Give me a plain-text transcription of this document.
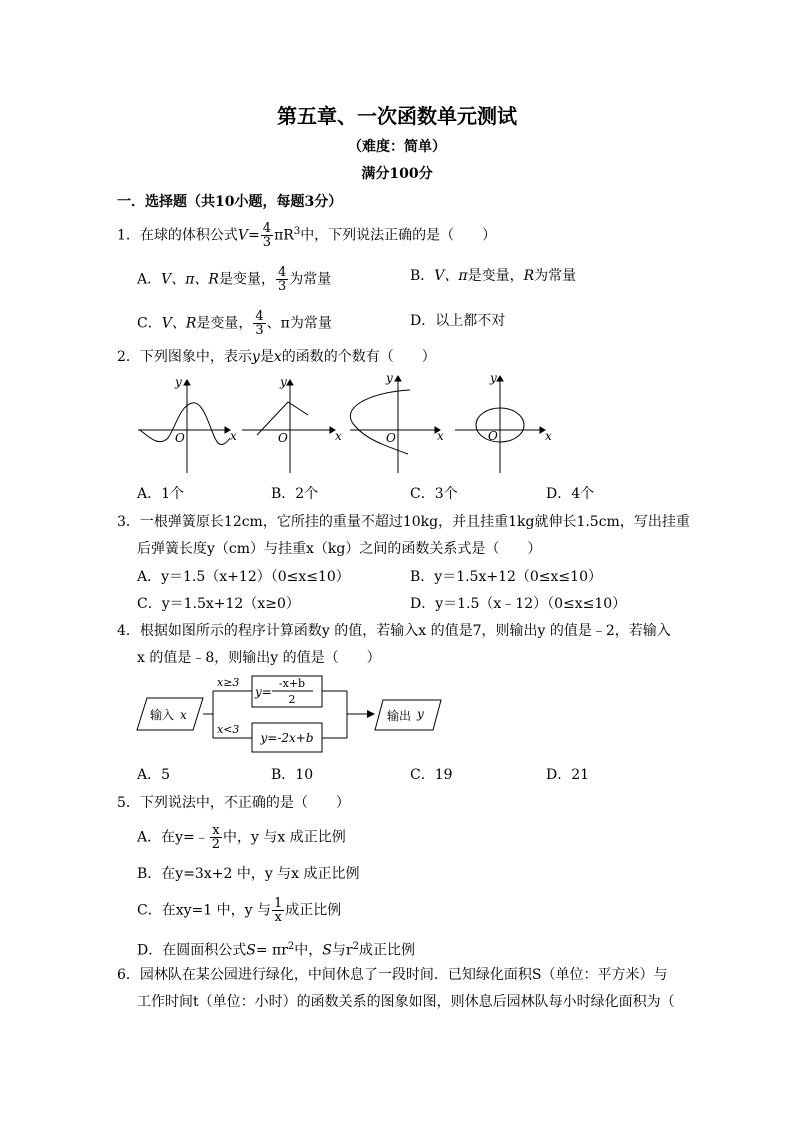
第五章、一次函数单元测试
（难度：简单）
满分100分
一．选择题（共10小题，每题3分）
1．在球的体积公式$V= \frac{4}{3} \pi R^3$中，下列说法正确的是（　　）
A．V、π、R是变量， $\frac{4}{3}$ 为常量	B．V、π是变量，R为常量
C．V、R是变量， $\frac{4}{3}$ 、π为常量	D．以上都不对
2．下列图象中，表示y是x的函数的个数有（　　）
y
x
O
y
x
O
y
x
O
y
x
O
A．1个	B．2个	C．3个	D．4个
3．一根弹簧原长12cm，它所挂的重量不超过10kg，并且挂重1kg就伸长1.5cm，写出挂重
后弹簧长度y（cm）与挂重x（kg）之间的函数关系式是（　　）
A．y＝1.5（x+12）（0≤x≤10）	B．y＝1.5x+12（0≤x≤10）
C．y＝1.5x+12（x≥0）	D．y＝1.5（x﹣12）（0≤x≤10）
4．根据如图所示的程序计算函数y 的值，若输入x 的值是7，则输出y 的值是﹣2，若输入
x 的值是﹣8，则输出y 的值是（　　）
输入 x
x≥3
x<3
y=
-x+b
2
y=-2x+b
输出 y
A．5	B．10	C．19	D．21
5．下列说法中，不正确的是（　　）
A．在y=﹣ $\frac{x}{2}$ 中，y 与x 成正比例
B．在y=3x+2 中，y 与x 成正比例
C．在xy=1 中，y 与 $\frac{1}{x}$ 成正比例
D．在圆面积公式$S= \pi r^2$中，S与$r^2$成正比例
6．园林队在某公园进行绿化，中间休息了一段时间．已知绿化面积S（单位：平方米）与
工作时间t（单位：小时）的函数关系的图象如图，则休息后园林队每小时绿化面积为（
